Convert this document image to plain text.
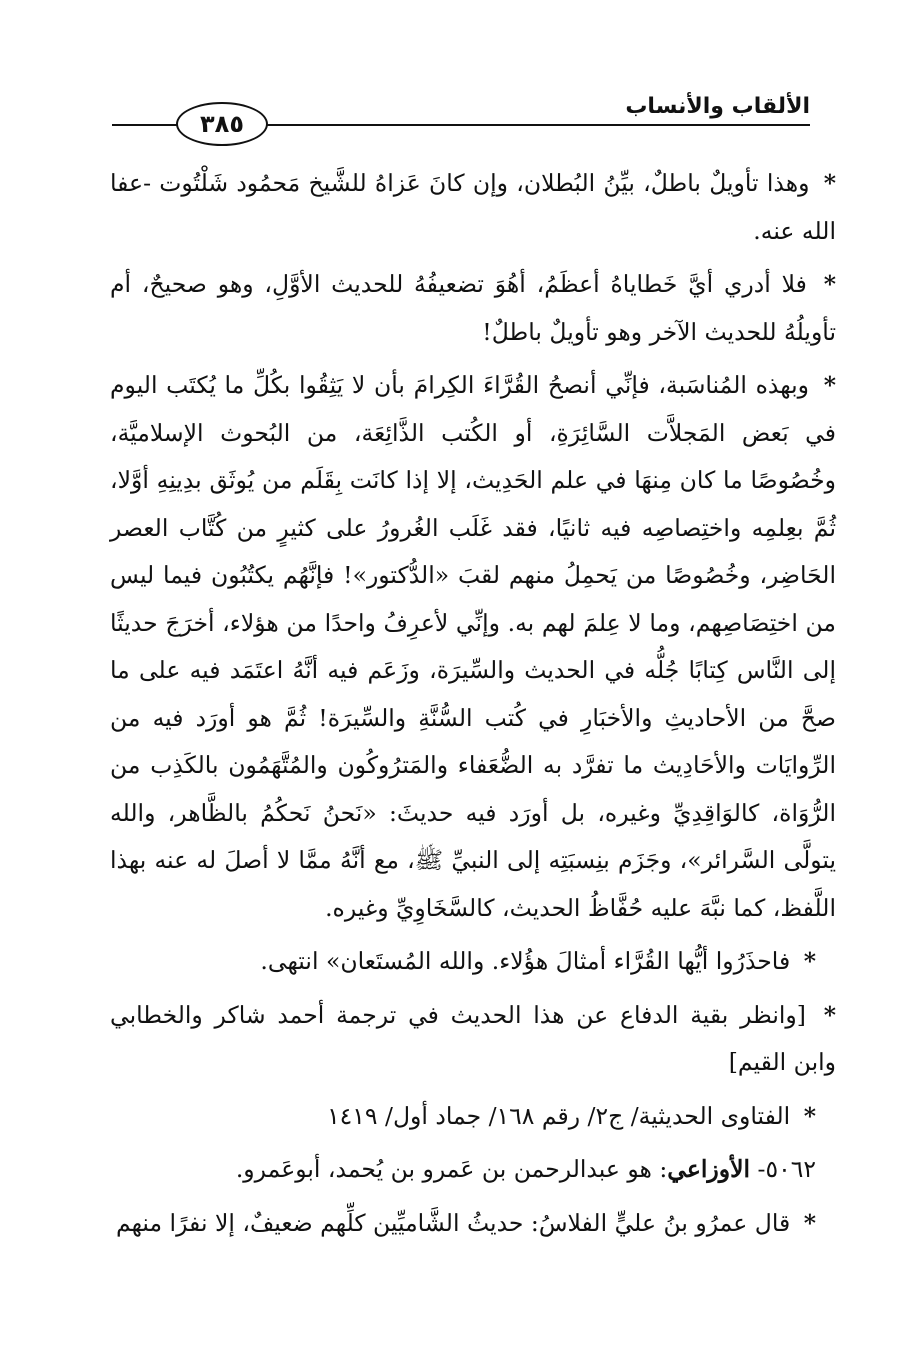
الألقاب والأنساب
٣٨٥

* وهذا تأويلٌ باطلٌ، بيِّنُ البُطلان، وإن كانَ عَزاهُ للشَّيخ مَحمُود شَلْتُوت -عفا الله عنه.

* فلا أدري أيَّ خَطاياهُ أعظَمُ، أهُوَ تضعيفُهُ للحديث الأوَّلِ، وهو صحيحٌ، أم تأويلُهُ للحديث الآخر وهو تأويلٌ باطلٌ!

* وبهذه المُناسَبة، فإنِّي أنصحُ القُرَّاءَ الكِرامَ بأن لا يَثِقُوا بكُلِّ ما يُكتَب اليوم في بَعض المَجلاَّت السَّائِرَةِ، أو الكُتب الذَّائِعَة، من البُحوث الإسلاميَّة، وخُصُوصًا ما كان مِنهَا في علم الحَدِيث، إلا إذا كانَت بِقَلَم من يُوثَق بدِينِهِ أوَّلا، ثُمَّ بعِلمِه واختِصاصِه فيه ثانيًا، فقد غَلَب الغُرورُ على كثيرٍ من كُتَّاب العصر الحَاضِر، وخُصُوصًا من يَحمِلُ منهم لقبَ «الدُّكتور»! فإنَّهُم يكتُبُون فيما ليس من اختِصَاصِهم، وما لا عِلمَ لهم به. وإنِّي لأعرِفُ واحدًا من هؤلاء، أخرَجَ حديثًا إلى النَّاس كِتابًا جُلُّه في الحديث والسِّيرَة، وزَعَم فيه أنَّهُ اعتَمَد فيه على ما صحَّ من الأحاديثِ والأخبَارِ في كُتب السُّنَّةِ والسِّيرَة! ثُمَّ هو أورَد فيه من الرِّوايَات والأحَادِيث ما تفرَّد به الضُّعَفاء والمَترُوكُون والمُتَّهَمُون بالكَذِب من الرُّوَاة، كالوَاقِدِيِّ وغيره، بل أورَد فيه حديثَ: «نَحنُ نَحكُمُ بالظَّاهر، والله يتولَّى السَّرائر»، وجَزَم بنِسبَتِه إلى النبيِّ ﷺ، مع أنَّهُ ممَّا لا أصلَ له عنه بهذا اللَّفظ، كما نبَّهَ عليه حُفَّاظُ الحديث، كالسَّخَاوِيِّ وغيره.

* فاحذَرُوا أيُّها القُرَّاء أمثالَ هؤُلاء. والله المُستَعان» انتهى.

* [وانظر بقية الدفاع عن هذا الحديث في ترجمة أحمد شاكر والخطابي وابن القيم]

* الفتاوى الحديثية/ ج٢/ رقم ١٦٨/ جماد أول/ ١٤١٩

٥٠٦٢- الأوزاعي: هو عبدالرحمن بن عَمرو بن يُحمد، أبوعَمرو.

* قال عمرُو بنُ عليٍّ الفلاسُ: حديثُ الشَّاميِّين كلِّهم ضعيفٌ، إلا نفرًا منهم
